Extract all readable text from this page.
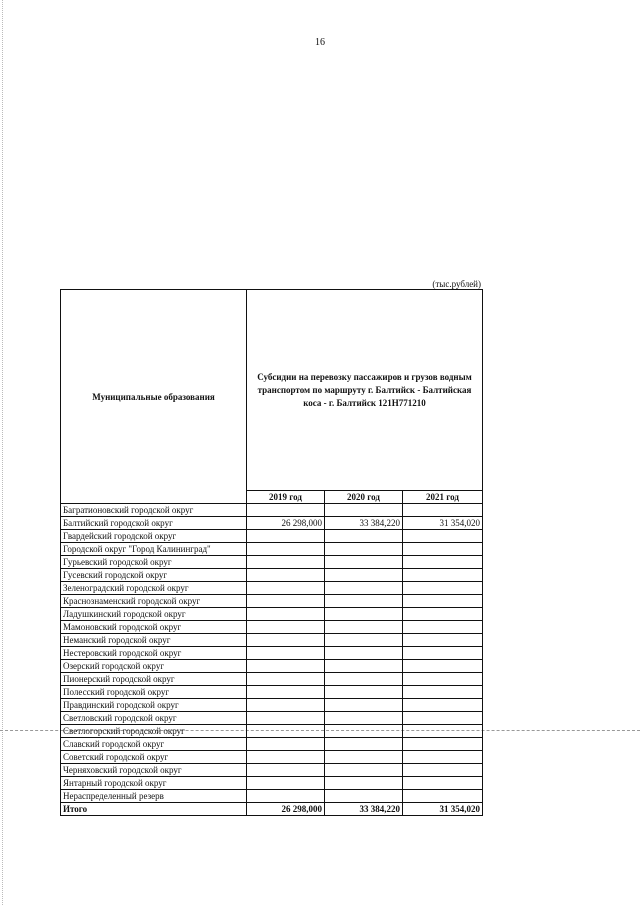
16
(тыс.рублей)
Муниципальные образования	Субсидии на перевозку пассажиров и грузов водным транспортом по маршруту г. Балтийск - Балтийская коса - г. Балтийск 121Н771210		
	2019 год	2020 год	2021 год
Багратионовский городской округ			
Балтийский городской округ	26 298,000	33 384,220	31 354,020
Гвардейский городской округ			
Городской округ "Город Калининград"			
Гурьевский городской округ			
Гусевский городской округ			
Зеленоградский городской округ			
Краснознаменский городской округ			
Ладушкинский городской округ			
Мамоновский городской округ			
Неманский городской округ			
Нестеровский городской округ			
Озерский городской округ			
Пионерский городской округ			
Полесский городской округ			
Правдинский городской округ			
Светловский городской округ			
Светлогорский городской округ			
Славский городской округ			
Советский городской округ			
Черняховский городской округ			
Янтарный городской округ			
Нераспределенный резерв			
Итого	26 298,000	33 384,220	31 354,020
